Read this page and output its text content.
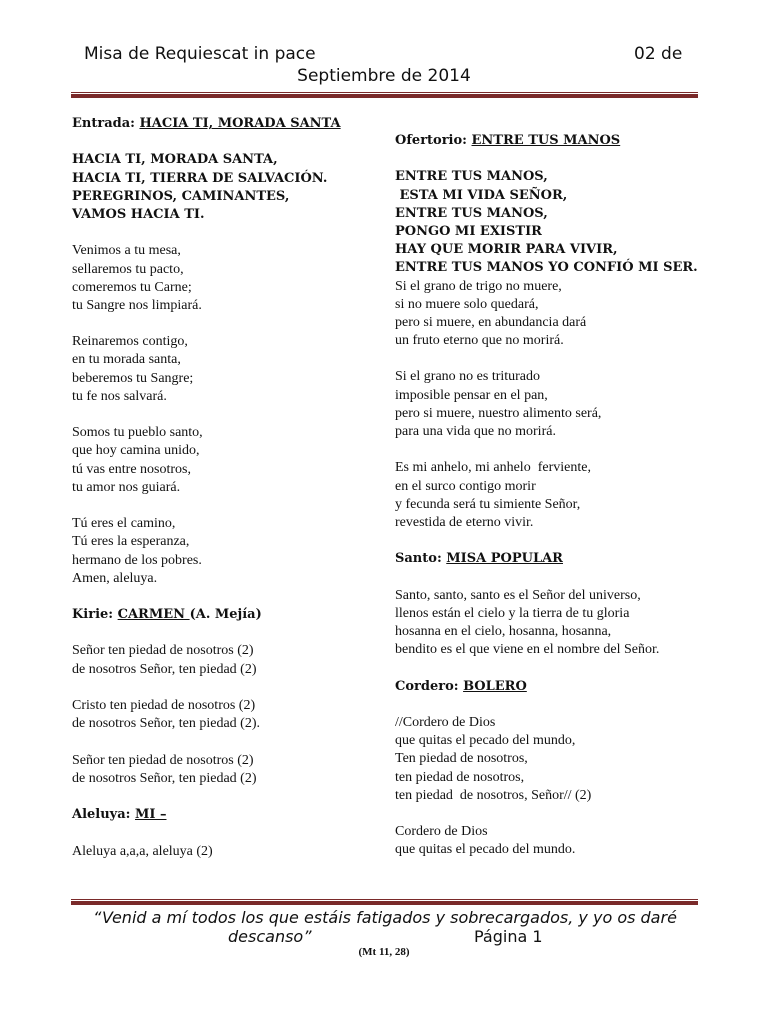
Misa de Requiescat in pace	02 de
Septiembre de 2014
Entrada: HACIA TI, MORADA SANTA
HACIA TI, MORADA SANTA,
HACIA TI, TIERRA DE SALVACIÓN.
PEREGRINOS, CAMINANTES,
VAMOS HACIA TI.
Venimos a tu mesa,
sellaremos tu pacto,
comeremos tu Carne;
tu Sangre nos limpiará.
Reinaremos contigo,
en tu morada santa,
beberemos tu Sangre;
tu fe nos salvará.
Somos tu pueblo santo,
que hoy camina unido,
tú vas entre nosotros,
tu amor nos guiará.
Tú eres el camino,
Tú eres la esperanza,
hermano de los pobres.
Amen, aleluya.
Kirie: CARMEN (A. Mejía)
Señor ten piedad de nosotros (2)
de nosotros Señor, ten piedad (2)
Cristo ten piedad de nosotros (2)
de nosotros Señor, ten piedad (2).
Señor ten piedad de nosotros (2)
de nosotros Señor, ten piedad (2)
Aleluya: MI –
Aleluya a,a,a, aleluya (2)
Ofertorio: ENTRE TUS MANOS
ENTRE TUS MANOS,
ESTA MI VIDA SEÑOR,
ENTRE TUS MANOS,
PONGO MI EXISTIR
HAY QUE MORIR PARA VIVIR,
ENTRE TUS MANOS YO CONFIÓ MI SER.
Si el grano de trigo no muere,
si no muere solo quedará,
pero si muere, en abundancia dará
un fruto eterno que no morirá.
Si el grano no es triturado
imposible pensar en el pan,
pero si muere, nuestro alimento será,
para una vida que no morirá.
Es mi anhelo, mi anhelo  ferviente,
en el surco contigo morir
y fecunda será tu simiente Señor,
revestida de eterno vivir.
Santo: MISA POPULAR
Santo, santo, santo es el Señor del universo,
llenos están el cielo y la tierra de tu gloria
hosanna en el cielo, hosanna, hosanna,
bendito es el que viene en el nombre del Señor.
Cordero: BOLERO
//Cordero de Dios
que quitas el pecado del mundo,
Ten piedad de nosotros,
ten piedad de nosotros,
ten piedad  de nosotros, Señor// (2)
Cordero de Dios
que quitas el pecado del mundo.
“Venid a mí todos los que estáis fatigados y sobrecargados, y yo os daré
descanso”	Página 1
(Mt 11, 28)
